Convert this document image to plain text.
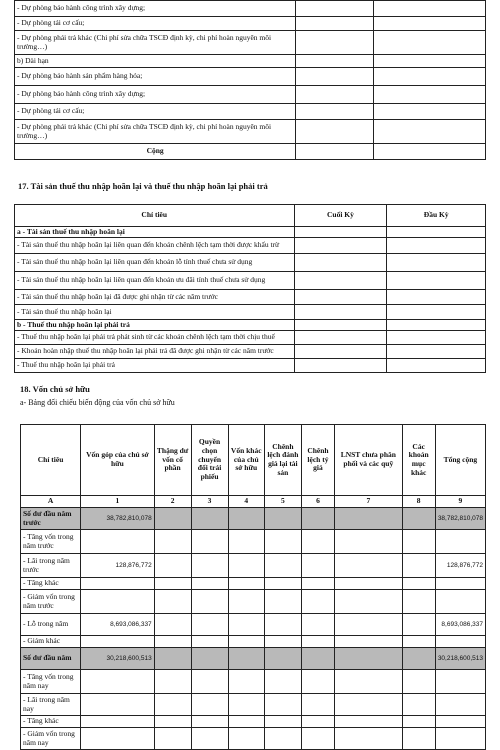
- Dự phòng bảo hành công trình xây dựng;		
- Dự phòng tái cơ cấu;		
- Dự phòng phải trả khác (Chi phí sửa chữa TSCĐ định kỳ, chi phí hoàn nguyên môi trường…)		
b) Dài hạn		
- Dự phòng bảo hành sản phẩm hàng hóa;		
- Dự phòng bảo hành công trình xây dựng;		
- Dự phòng tái cơ cấu;		
- Dự phòng phải trả khác (Chi phí sửa chữa TSCĐ định kỳ, chi phí hoàn nguyên môi trường…)		
Cộng		
17. Tài sản thuế thu nhập hoãn lại và thuế thu nhập hoãn lại phải trả
Chỉ tiêu	Cuối Kỳ	Đầu Kỳ
a - Tài sản thuế thu nhập hoãn lại		
- Tài sản thuế thu nhập hoãn lại liên quan đến khoản chênh lệch tạm thời được khấu trừ		
- Tài sản thuế thu nhập hoãn lại liên quan đến khoản lỗ tính thuế chưa sử dụng		
- Tài sản thuế thu nhập hoãn lại liên quan đến khoản ưu đãi tính thuế chưa sử dụng		
- Tài sản thuế thu nhập hoãn lại đã được ghi nhận từ các năm trước		
- Tài sản thuế thu nhập hoãn lại		
b - Thuế thu nhập hoãn lại phải trả		
- Thuế thu nhập hoãn lại phải trả phát sinh từ các khoản chênh lệch tạm thời chịu thuế		
- Khoản hoàn nhập thuế thu nhập hoãn lại phải trả đã được ghi nhận từ các năm trước		
- Thuế thu nhập hoãn lại phải trả		
18. Vốn chủ sở hữu
a- Bảng đối chiếu biến động của vốn chủ sở hữu
Chỉ tiêu	Vốn góp của chủ sở hữu	Thặng dư vốn cổ phần	Quyền chọn chuyển đổi trái phiếu	Vốn khác của chủ sở hữu	Chênh lệch đánh giá lại tài sản	Chênh lệch tỷ giá	LNST chưa phân phối và các quỹ	Các khoản mục khác	Tổng cộng
A	1	2	3	4	5	6	7	8	9
Số dư đầu năm trước	38,782,810,078								38,782,810,078
- Tăng vốn trong năm trước									
- Lãi trong năm trước	128,876,772								128,876,772
- Tăng khác									
- Giảm vốn trong năm trước									
- Lỗ trong năm	8,693,086,337								8,693,086,337
- Giảm khác									
Số dư đầu năm	30,218,600,513								30,218,600,513
- Tăng vốn trong năm nay									
- Lãi trong năm nay									
- Tăng khác									
- Giảm vốn trong năm nay									
